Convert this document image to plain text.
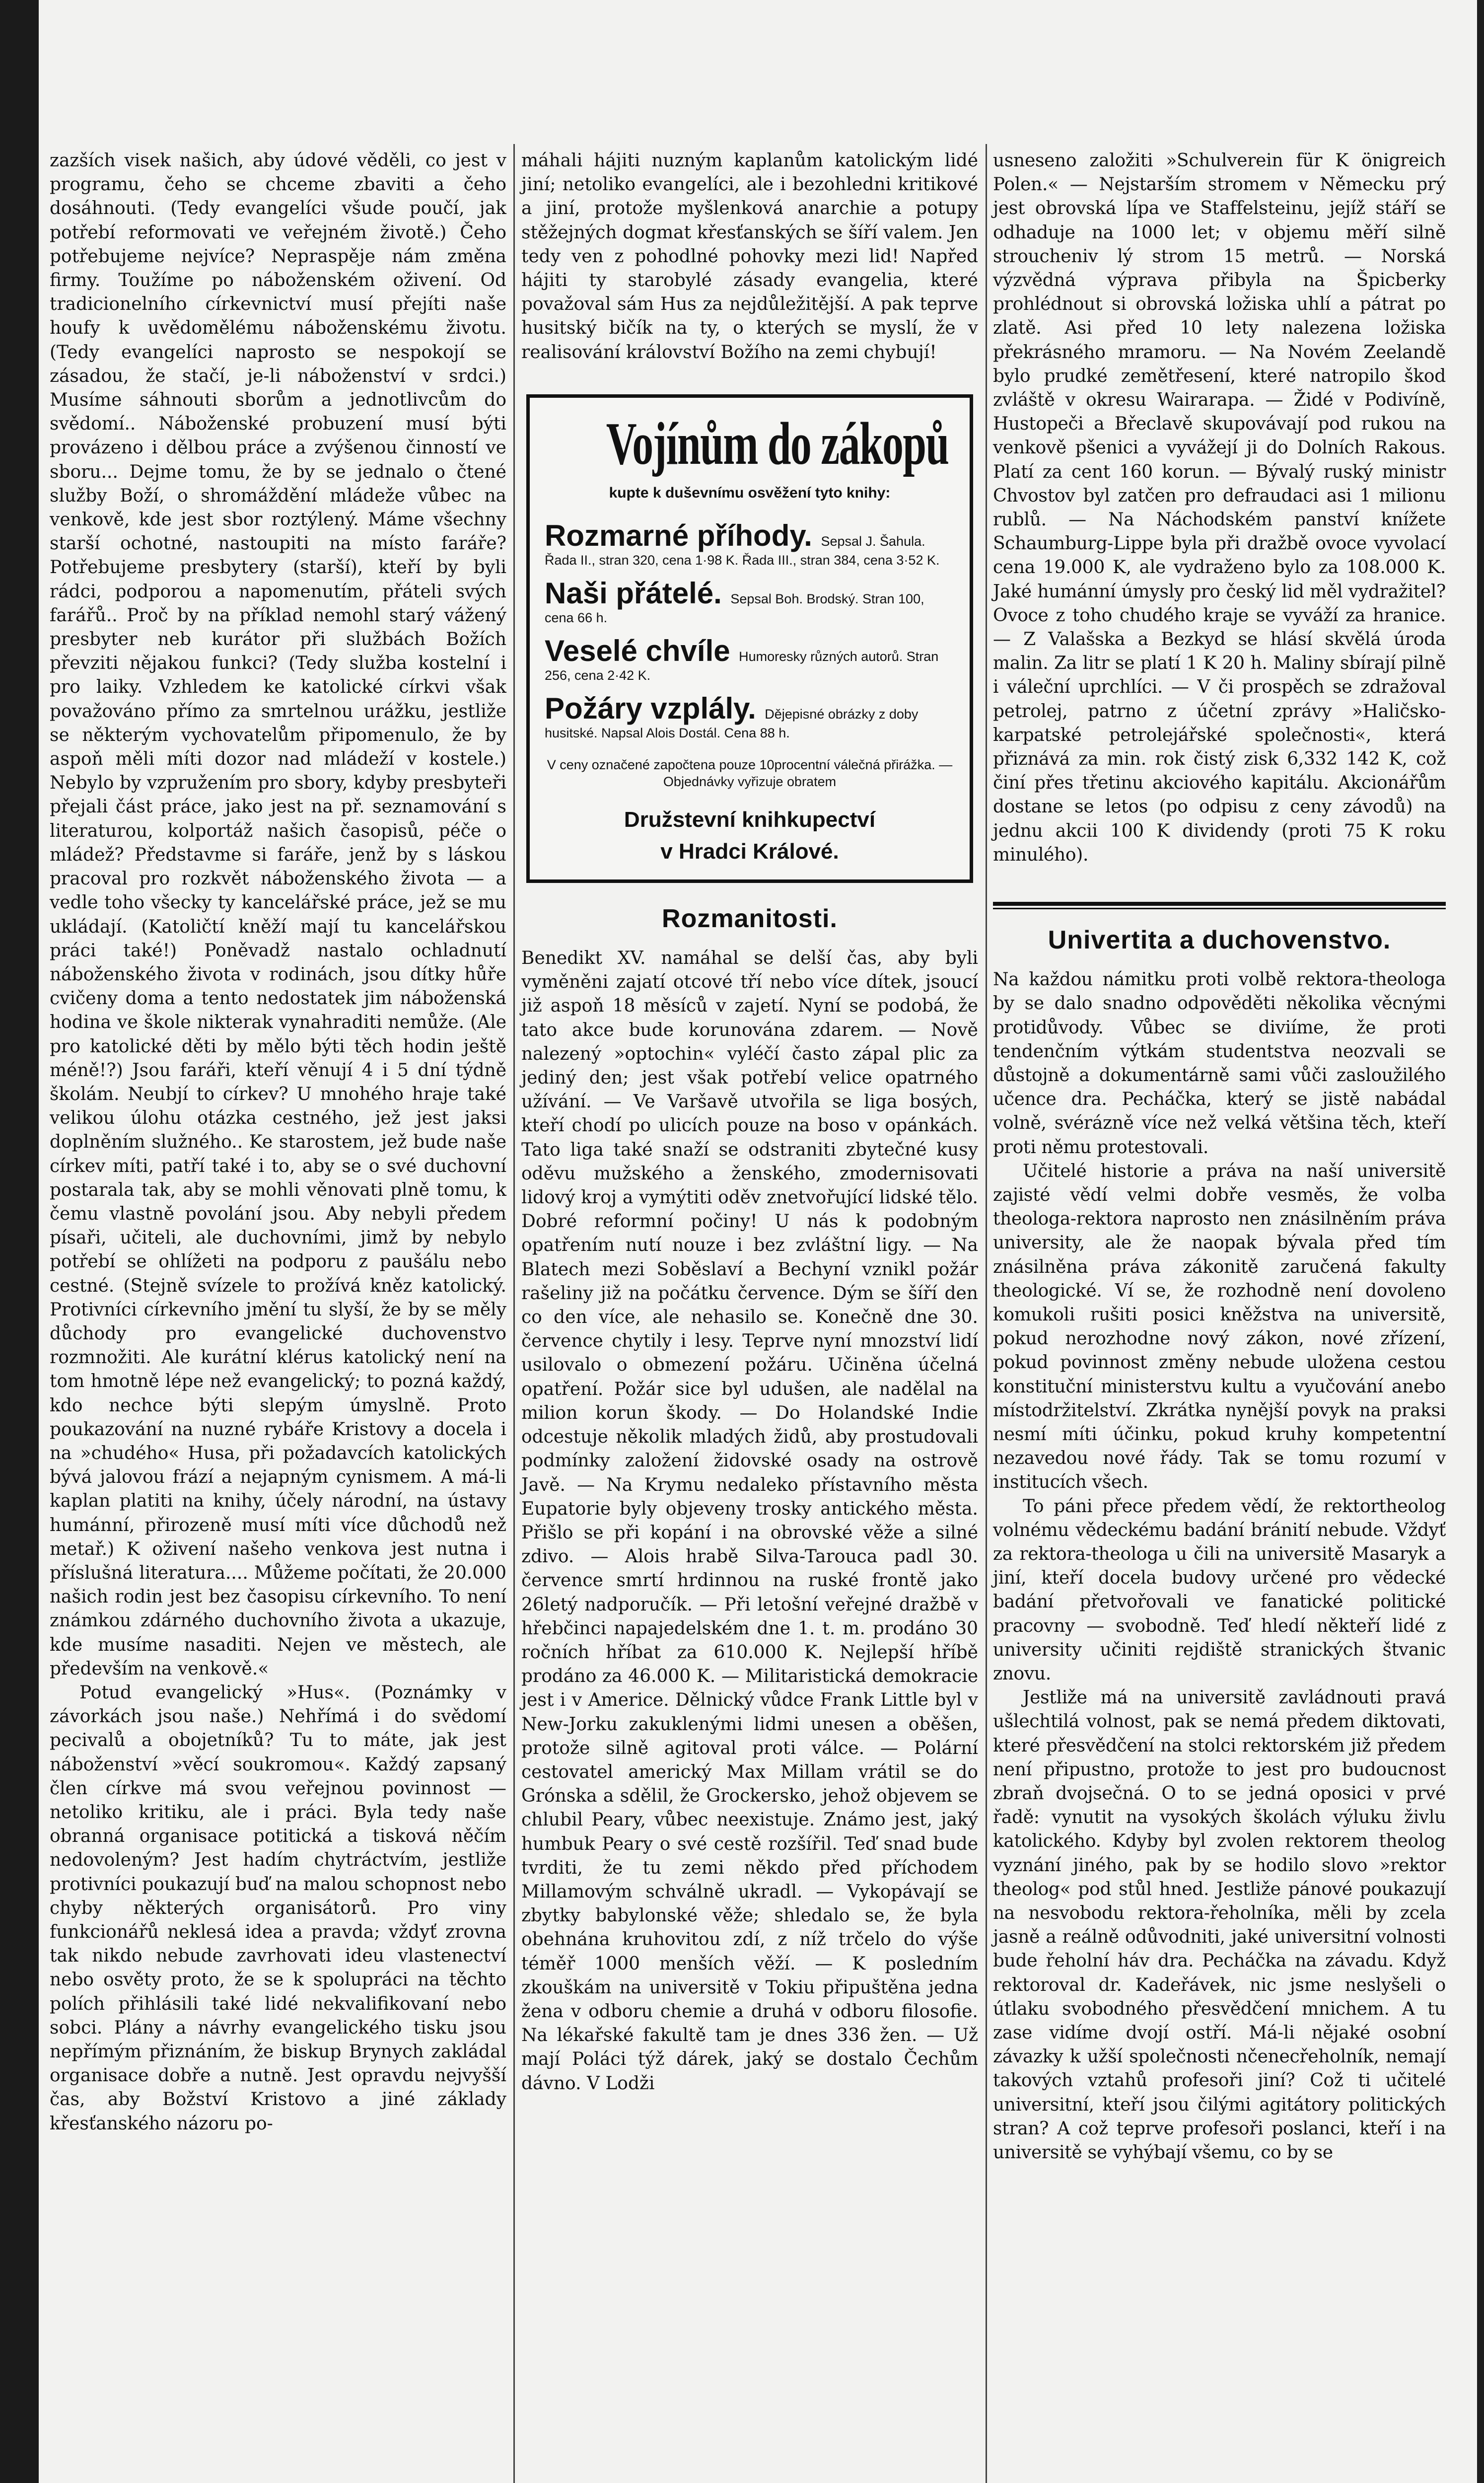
zazších visek našich, aby údové věděli, co jest v programu, čeho se chceme zbaviti a čeho dosáhnouti. (Tedy evangelíci všude poučí, jak potřebí reformovati ve veřejném životě.) Čeho potřebujeme nejvíce? Nepraspěje nám změna firmy. Toužíme po náboženském oživení. Od tradicionelního církevnictví musí přejíti naše houfy k uvědomělému náboženskému životu. (Tedy evangelíci naprosto se nespokojí se zásadou, že stačí, je-li náboženství v srdci.) Musíme sáhnouti sborům a jednotlivcům do svědomí.. Náboženské probuzení musí býti provázeno i dělbou práce a zvýšenou činností ve sboru... Dejme tomu, že by se jednalo o čtené služby Boží, o shromáždění mládeže vůbec na venkově, kde jest sbor roztýlený. Máme všechny starší ochotné, nastoupiti na místo faráře? Potřebujeme presbytery (starší), kteří by byli rádci, podporou a napomenutím, přáteli svých farářů.. Proč by na příklad nemohl starý vážený presbyter neb kurátor při službách Božích převziti nějakou funkci? (Tedy služba kostelní i pro laiky. Vzhledem ke katolické církvi však považováno přímo za smrtelnou urážku, jestliže se některým vychovatelům připomenulo, že by aspoň měli míti dozor nad mládeží v kostele.) Nebylo by vzpružením pro sbory, kdyby presbyteři přejali část práce, jako jest na př. seznamování s literaturou, kolportáž našich časopisů, péče o mládež? Představme si faráře, jenž by s láskou pracoval pro rozkvět náboženského života — a vedle toho všecky ty kancelářské práce, jež se mu ukládají. (Katoličtí kněží mají tu kancelářskou práci také!) Poněvadž nastalo ochladnutí náboženského života v rodinách, jsou dítky hůře cvičeny doma a tento nedostatek jim náboženská hodina ve škole nikterak vynahraditi nemůže. (Ale pro katolické děti by mělo býti těch hodin ještě méně!?) Jsou faráři, kteří věnují 4 i 5 dní týdně školám. Neubjí to církev? U mnohého hraje také velikou úlohu otázka cestného, jež jest jaksi doplněním služného.. Ke starostem, jež bude naše církev míti, patří také i to, aby se o své duchovní postarala tak, aby se mohli věnovati plně tomu, k čemu vlastně povolání jsou. Aby nebyli předem písaři, učiteli, ale duchovními, jimž by nebylo potřebí se ohlížeti na podporu z paušálu nebo cestné. (Stejně svízele to prožívá kněz katolický. Protivníci církevního jmění tu slyší, že by se měly důchody pro evangelické duchovenstvo rozmnožiti. Ale kurátní klérus katolický není na tom hmotně lépe než evangelický; to pozná každý, kdo nechce býti slepým úmyslně. Proto poukazování na nuzné rybáře Kristovy a docela i na »chudého« Husa, při požadavcích katolických bývá jalovou frází a nejapným cynismem. A má-li kaplan platiti na knihy, účely národní, na ústavy humánní, přirozeně musí míti více důchodů než metař.) K oživení našeho venkova jest nutna i příslušná literatura.... Můžeme počítati, že 20.000 našich rodin jest bez časopisu církevního. To není známkou zdárného duchovního života a ukazuje, kde musíme nasaditi. Nejen ve městech, ale především na venkově.«

Potud evangelický »Hus«. (Poznámky v závorkách jsou naše.) Nehřímá i do svědomí pecivalů a obojetníků? Tu to máte, jak jest náboženství »věcí soukromou«. Každý zapsaný člen církve má svou veřejnou povinnost — netoliko kritiku, ale i práci. Byla tedy naše obranná organisace potitická a tisková něčím nedovoleným? Jest hadím chytráctvím, jestliže protivníci poukazují buď na malou schopnost nebo chyby některých organisátorů. Pro viny funkcionářů neklesá idea a pravda; vždyť zrovna tak nikdo nebude zavrhovati ideu vlastenectví nebo osvěty proto, že se k spolupráci na těchto polích přihlásili také lidé nekvalifikovaní nebo sobci. Plány a návrhy evangelického tisku jsou nepřímým přiznáním, že biskup Brynych zakládal organisace dobře a nutně. Jest opravdu nejvyšší čas, aby Božství Kristovo a jiné základy křesťanského názoru po-

máhali hájiti nuzným kaplanům katolickým lidé jiní; netoliko evangelíci, ale i bezohledni kritikové a jiní, protože myšlenková anarchie a potupy stěžejných dogmat křesťanských se šíří valem. Jen tedy ven z pohodlné pohovky mezi lid! Napřed hájiti ty starobylé zásady evangelia, které považoval sám Hus za nejdůležitější. A pak teprve husitský bičík na ty, o kterých se myslí, že v realisování království Božího na zemi chybují!

Vojínům do zákopů
kupte k duševnímu osvěžení tyto knihy:
Rozmarné příhody. Sepsal J. Šahula. Řada II., stran 320, cena 1·98 K. Řada III., stran 384, cena 3·52 K.
Naši přátelé. Sepsal Boh. Brodský. Stran 100, cena 66 h.
Veselé chvíle Humoresky různých autorů. Stran 256, cena 2·42 K.
Požáry vzplály. Dějepisné obrázky z doby husitské. Napsal Alois Dostál. Cena 88 h.
V ceny označené započtena pouze 10procentní válečná přirážka. — Objednávky vyřizuje obratem
Družstevní knihkupectví
v Hradci Králové.
Rozmanitosti.

Benedikt XV. namáhal se delší čas, aby byli vyměněni zajatí otcové tří nebo více dítek, jsoucí již aspoň 18 měsíců v zajetí. Nyní se podobá, že tato akce bude korunována zdarem. — Nově nalezený »optochin« vyléčí často zápal plic za jediný den; jest však potřebí velice opatrného užívání. — Ve Varšavě utvořila se liga bosých, kteří chodí po ulicích pouze na boso v opánkách. Tato liga také snaží se odstraniti zbytečné kusy oděvu mužského a ženského, zmodernisovati lidový kroj a vymýtiti oděv znetvořující lidské tělo. Dobré reformní počiny! U nás k podobným opatřením nutí nouze i bez zvláštní ligy. — Na Blatech mezi Soběslaví a Bechyní vznikl požár rašeliny již na počátku července. Dým se šíří den co den více, ale nehasilo se. Konečně dne 30. července chytily i lesy. Teprve nyní mnozství lidí usilovalo o obmezení požáru. Učiněna účelná opatření. Požár sice byl udušen, ale nadělal na milion korun škody. — Do Holandské Indie odcestuje několik mladých židů, aby prostudovali podmínky založení židovské osady na ostrově Javě. — Na Krymu nedaleko přístavního města Eupatorie byly objeveny trosky antického města. Přišlo se při kopání i na obrovské věže a silné zdivo. — Alois hrabě Silva-Tarouca padl 30. července smrtí hrdinnou na ruské frontě jako 26letý nadporučík. — Při letošní veřejné dražbě v hřebčinci napajedelském dne 1. t. m. prodáno 30 ročních hříbat za 610.000 K. Nejlepší hříbě prodáno za 46.000 K. — Militaristická demokracie jest i v Americe. Dělnický vůdce Frank Little byl v New-Jorku zakuklenými lidmi unesen a oběšen, protože silně agitoval proti válce. — Polární cestovatel americký Max Millam vrátil se do Grónska a sdělil, že Grockersko, jehož objevem se chlubil Peary, vůbec neexistuje. Známo jest, jaký humbuk Peary o své cestě rozšířil. Teď snad bude tvrditi, že tu zemi někdo před příchodem Millamovým schválně ukradl. — Vykopávají se zbytky babylonské věže; shledalo se, že byla obehnána kruhovitou zdí, z níž trčelo do výše téměř 1000 menších věží. — K posledním zkouškám na universitě v Tokiu připuštěna jedna žena v odboru chemie a druhá v odboru filosofie. Na lékařské fakultě tam je dnes 336 žen. — Už mají Poláci týž dárek, jaký se dostalo Čechům dávno. V Lodži

usneseno založiti »Schulverein für K önigreich Polen.« — Nejstarším stromem v Německu prý jest obrovská lípa ve Staffelsteinu, jejíž stáří se odhaduje na 1000 let; v objemu měří silně stroucheniv lý strom 15 metrů. — Norská výzvědná výprava přibyla na Špicberky prohlédnout si obrovská ložiska uhlí a pátrat po zlatě. Asi před 10 lety nalezena ložiska překrásného mramoru. — Na Novém Zeelandě bylo prudké zemětřesení, které natropilo škod zvláště v okresu Wairarapa. — Židé v Podivíně, Hustopeči a Břeclavě skupovávají pod rukou na venkově pšenici a vyvážejí ji do Dolních Rakous. Platí za cent 160 korun. — Bývalý ruský ministr Chvostov byl zatčen pro defraudaci asi 1 milionu rublů. — Na Náchodském panství knížete Schaumburg-Lippe byla při dražbě ovoce vyvolací cena 19.000 K, ale vydraženo bylo za 108.000 K. Jaké humánní úmysly pro český lid měl vydražitel? Ovoce z toho chudého kraje se vyváží za hranice. — Z Valašska a Bezkyd se hlásí skvělá úroda malin. Za litr se platí 1 K 20 h. Maliny sbírají pilně i váleční uprchlíci. — V či prospěch se zdražoval petrolej, patrno z účetní zprávy »Haličsko-karpatské petrolejářské společnosti«, která přiznává za min. rok čistý zisk 6,332 142 K, což činí přes třetinu akciového kapitálu. Akcionářům dostane se letos (po odpisu z ceny závodů) na jednu akcii 100 K dividendy (proti 75 K roku minulého).

Univertita a duchovenstvo.

Na každou námitku proti volbě rektora-theologa by se dalo snadno odpověděti několika věcnými protidůvody. Vůbec se diviíme, že proti tendenčním výtkám studentstva neozvali se důstojně a dokumentárně sami vůči zasloužilého učence dra. Pecháčka, který se jistě nabádal volně, svérázně více než velká většina těch, kteří proti němu protestovali.

Učitelé historie a práva na naší universitě zajisté vědí velmi dobře vesměs, že volba theologa-rektora naprosto nen znásilněním práva university, ale že naopak bývala před tím znásilněna práva zákonitě zaručená fakulty theologické. Ví se, že rozhodně není dovoleno komukoli rušiti posici kněžstva na universitě, pokud nerozhodne nový zákon, nové zřízení, pokud povinnost změny nebude uložena cestou konstituční ministerstvu kultu a vyučování anebo místodržitelství. Zkrátka nynější povyk na praksi nesmí míti účinku, pokud kruhy kompetentní nezavedou nové řády. Tak se tomu rozumí v institucích všech.

To páni přece předem vědí, že rektortheolog volnému vědeckému badání bránití nebude. Vždyť za rektora-theologa u čili na universitě Masaryk a jiní, kteří docela budovy určené pro vědecké badání přetvořovali ve fanatické politické pracovny — svobodně. Teď hledí někteří lidé z university učiniti rejdiště stranických štvanic znovu.

Jestliže má na universitě zavládnouti pravá ušlechtilá volnost, pak se nemá předem diktovati, které přesvědčení na stolci rektorském již předem není připustno, protože to jest pro budoucnost zbraň dvojsečná. O to se jedná oposici v prvé řadě: vynutit na vysokých školách výluku živlu katolického. Kdyby byl zvolen rektorem theolog vyznání jiného, pak by se hodilo slovo »rektor theolog« pod stůl hned. Jestliže pánové poukazují na nesvobodu rektora-řeholníka, měli by zcela jasně a reálně odůvodniti, jaké universitní volnosti bude řeholní háv dra. Pecháčka na závadu. Když rektoroval dr. Kadeřávek, nic jsme neslyšeli o útlaku svobodného přesvědčení mnichem. A tu zase vidíme dvojí ostří. Má-li nějaké osobní závazky k užší společnosti nčenecřeholník, nemají takových vztahů profesoři jiní? Což ti učitelé universitní, kteří jsou čilými agitátory politických stran? A což teprve profesoři poslanci, kteří i na universitě se vyhýbají všemu, co by se
